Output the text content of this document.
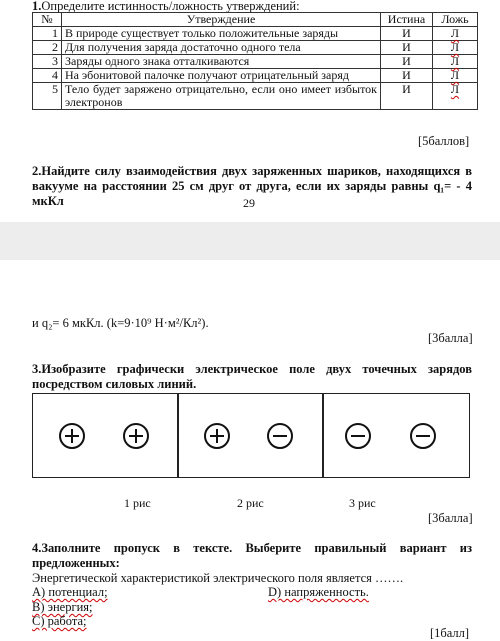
1.Определите истинность/ложность утверждений:
№	Утверждение	Истина	Ложь
1	В природе существует только положительные заряды	И	Л
2	Для получения заряда достаточно одного тела	И	Л
3	Заряды одного знака отталкиваются	И	Л
4	На эбонитовой палочке получают отрицательный заряд	И	Л
5	Тело будет заряжено отрицательно, если оно имеет избыток электронов	И	Л
[5баллов]
2.Найдите силу взаимодействия двух заряженных шариков, находящихся в вакууме на расстоянии 25 см друг от друга, если их заряды равны q₁= - 4 мкКл	29
и q₂= 6 мкКл. (k=9·10⁹ Н·м²/Кл²).
[3балла]
3.Изобразите графически электрическое поле двух точечных зарядов посредством силовых линий.
1 рис	2 рис	3 рис
[3балла]
4.Заполните пропуск в тексте. Выберите правильный вариант из предложенных:
Энергетической характеристикой электрического поля является …….
А) потенциал;	D) напряженность.
В) энергия;
С) работа;
[1балл]
